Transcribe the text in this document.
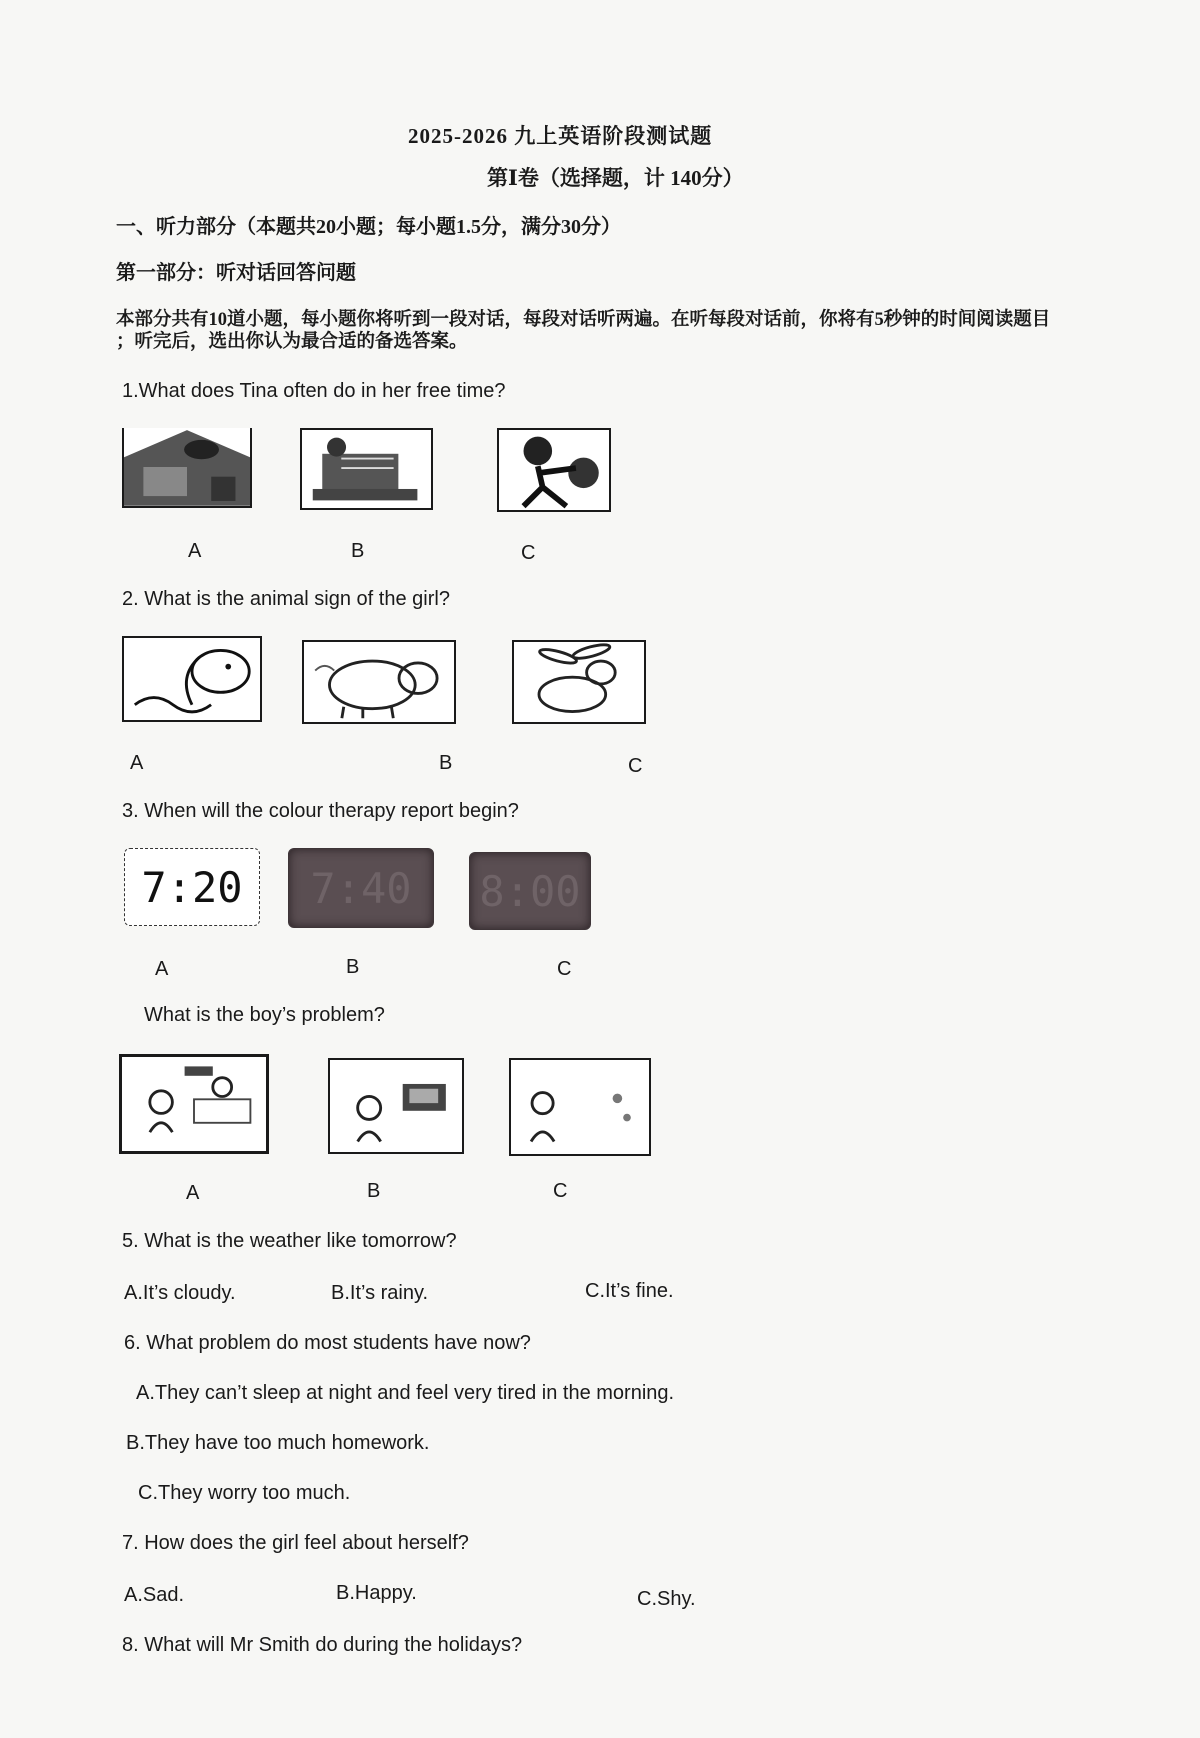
2025-2026 九上英语阶段测试题
第Ⅰ卷（选择题，计 140分）
一、听力部分（本题共20小题；每小题1.5分，满分30分）
第一部分：听对话回答问题
本部分共有10道小题，每小题你将听到一段对话，每段对话听两遍。在听每段对话前，你将有5秒钟的时间阅读题目
；听完后，选出你认为最合适的备选答案。
1.What does Tina often do in her free time?
A	B	C
2. What is the animal sign of the girl?
A	B	C
3. When will the colour therapy report begin?
7:20	7:40	8:00
A	B	C
What is the boy’s problem?
A	B	C
5. What is the weather like tomorrow?
A.It’s cloudy.	B.It’s rainy.	C.It’s fine.
6. What problem do most students have now?
A.They can’t sleep at night and feel very tired in the morning.
B.They have too much homework.
C.They worry too much.
7. How does the girl feel about herself?
A.Sad.	B.Happy.	C.Shy.
8. What will Mr Smith do during the holidays?
